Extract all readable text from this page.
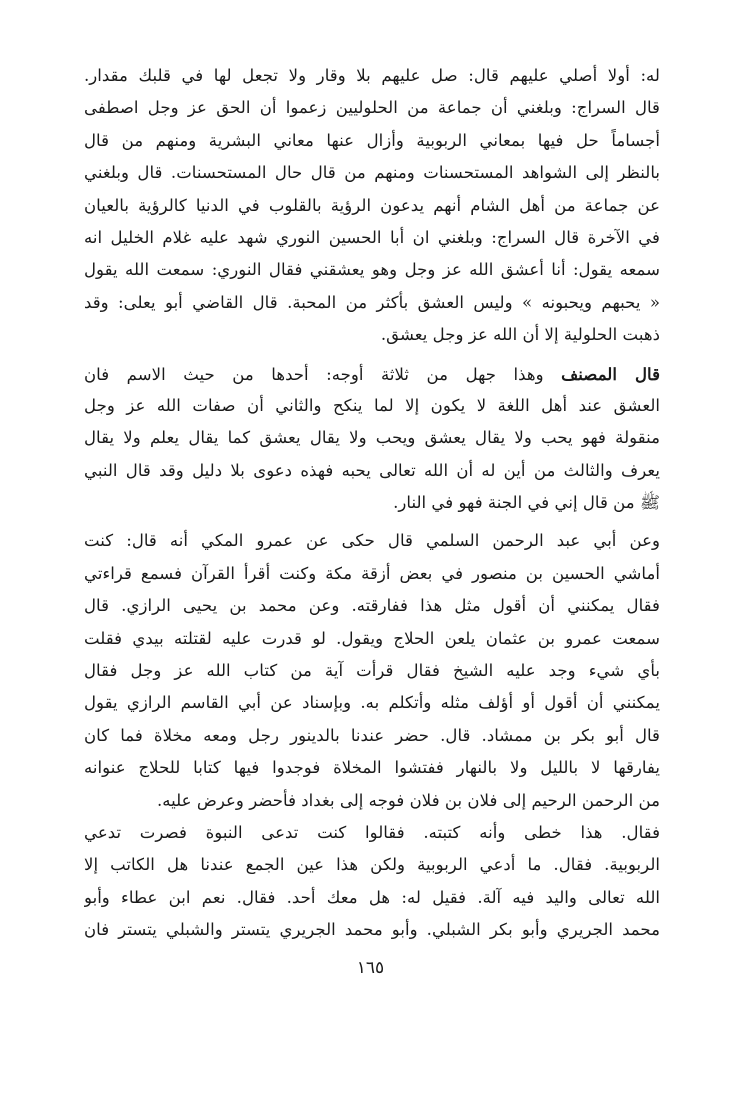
له: أولا أصلي عليهم قال: صل عليهم بلا وقار ولا تجعل لها في قلبك مقدار.
قال السراج: وبلغني أن جماعة من الحلوليين زعموا أن الحق عز وجل اصطفى
أجساماً حل فيها بمعاني الربوبية وأزال عنها معاني البشرية ومنهم من قال
بالنظر إلى الشواهد المستحسنات ومنهم من قال حال المستحسنات. قال وبلغني
عن جماعة من أهل الشام أنهم يدعون الرؤية بالقلوب في الدنيا كالرؤية بالعيان
في الآخرة قال السراج: وبلغني ان أبا الحسين النوري شهد عليه غلام الخليل انه
سمعه يقول: أنا أعشق الله عز وجل وهو يعشقني فقال النوري: سمعت الله يقول
« يحبهم ويحبونه » وليس العشق بأكثر من المحبة. قال القاضي أبو يعلى: وقد
ذهبت الحلولية إلا أن الله عز وجل يعشق.
قال المصنف وهذا جهل من ثلاثة أوجه: أحدها من حيث الاسم فان
العشق عند أهل اللغة لا يكون إلا لما ينكح والثاني أن صفات الله عز وجل
منقولة فهو يحب ولا يقال يعشق ويحب ولا يقال يعشق كما يقال يعلم ولا يقال
يعرف والثالث من أين له أن الله تعالى يحبه فهذه دعوى بلا دليل وقد قال النبي
ﷺ من قال إني في الجنة فهو في النار.
وعن أبي عبد الرحمن السلمي قال حكى عن عمرو المكي أنه قال: كنت
أماشي الحسين بن منصور في بعض أزقة مكة وكنت أقرأ القرآن فسمع قراءتي
فقال يمكنني أن أقول مثل هذا ففارقته. وعن محمد بن يحيى الرازي. قال
سمعت عمرو بن عثمان يلعن الحلاج ويقول. لو قدرت عليه لقتلته بيدي فقلت
بأي شيء وجد عليه الشيخ فقال قرأت آية من كتاب الله عز وجل فقال
يمكنني أن أقول أو أؤلف مثله وأتكلم به. وبإسناد عن أبي القاسم الرازي يقول
قال أبو بكر بن ممشاد. قال. حضر عندنا بالدينور رجل ومعه مخلاة فما كان
يفارقها لا بالليل ولا بالنهار ففتشوا المخلاة فوجدوا فيها كتابا للحلاج عنوانه
من الرحمن الرحيم إلى فلان بن فلان فوجه إلى بغداد فأحضر وعرض عليه.
فقال. هذا خطى وأنه كتبته. فقالوا كنت تدعى النبوة فصرت تدعي
الربوبية. فقال. ما أدعي الربوبية ولكن هذا عين الجمع عندنا هل الكاتب إلا
الله تعالى واليد فيه آلة. فقيل له: هل معك أحد. فقال. نعم ابن عطاء وأبو
محمد الجريري وأبو بكر الشبلي. وأبو محمد الجريري يتستر والشبلي يتستر فان
١٦٥
